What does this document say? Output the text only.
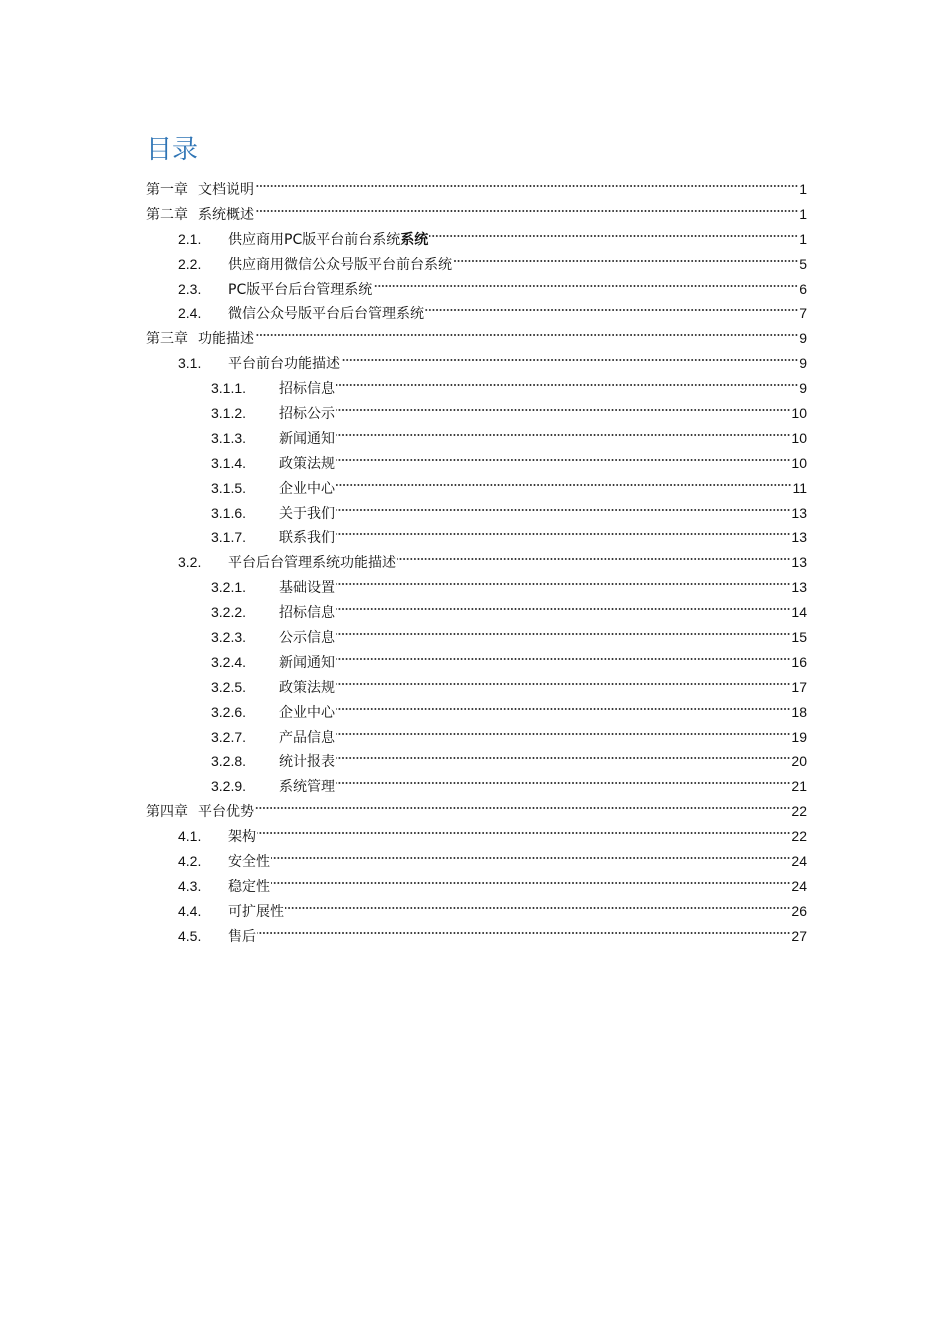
目录
第一章 文档说明	1
第二章 系统概述	1
2.1.	供应商用PC版平台前台系统 系统	1
2.2.	供应商用微信公众号版平台前台系统	5
2.3.	PC版平台后台管理系统	6
2.4.	微信公众号版平台后台管理系统	7
第三章 功能描述	9
3.1.	平台前台功能描述	9
3.1.1.	招标信息	9
3.1.2.	招标公示	10
3.1.3.	新闻通知	10
3.1.4.	政策法规	10
3.1.5.	企业中心	11
3.1.6.	关于我们	13
3.1.7.	联系我们	13
3.2.	平台后台管理系统功能描述	13
3.2.1.	基础设置	13
3.2.2.	招标信息	14
3.2.3.	公示信息	15
3.2.4.	新闻通知	16
3.2.5.	政策法规	17
3.2.6.	企业中心	18
3.2.7.	产品信息	19
3.2.8.	统计报表	20
3.2.9.	系统管理	21
第四章 平台优势	22
4.1.	架构	22
4.2.	安全性	24
4.3.	稳定性	24
4.4.	可扩展性	26
4.5.	售后	27
